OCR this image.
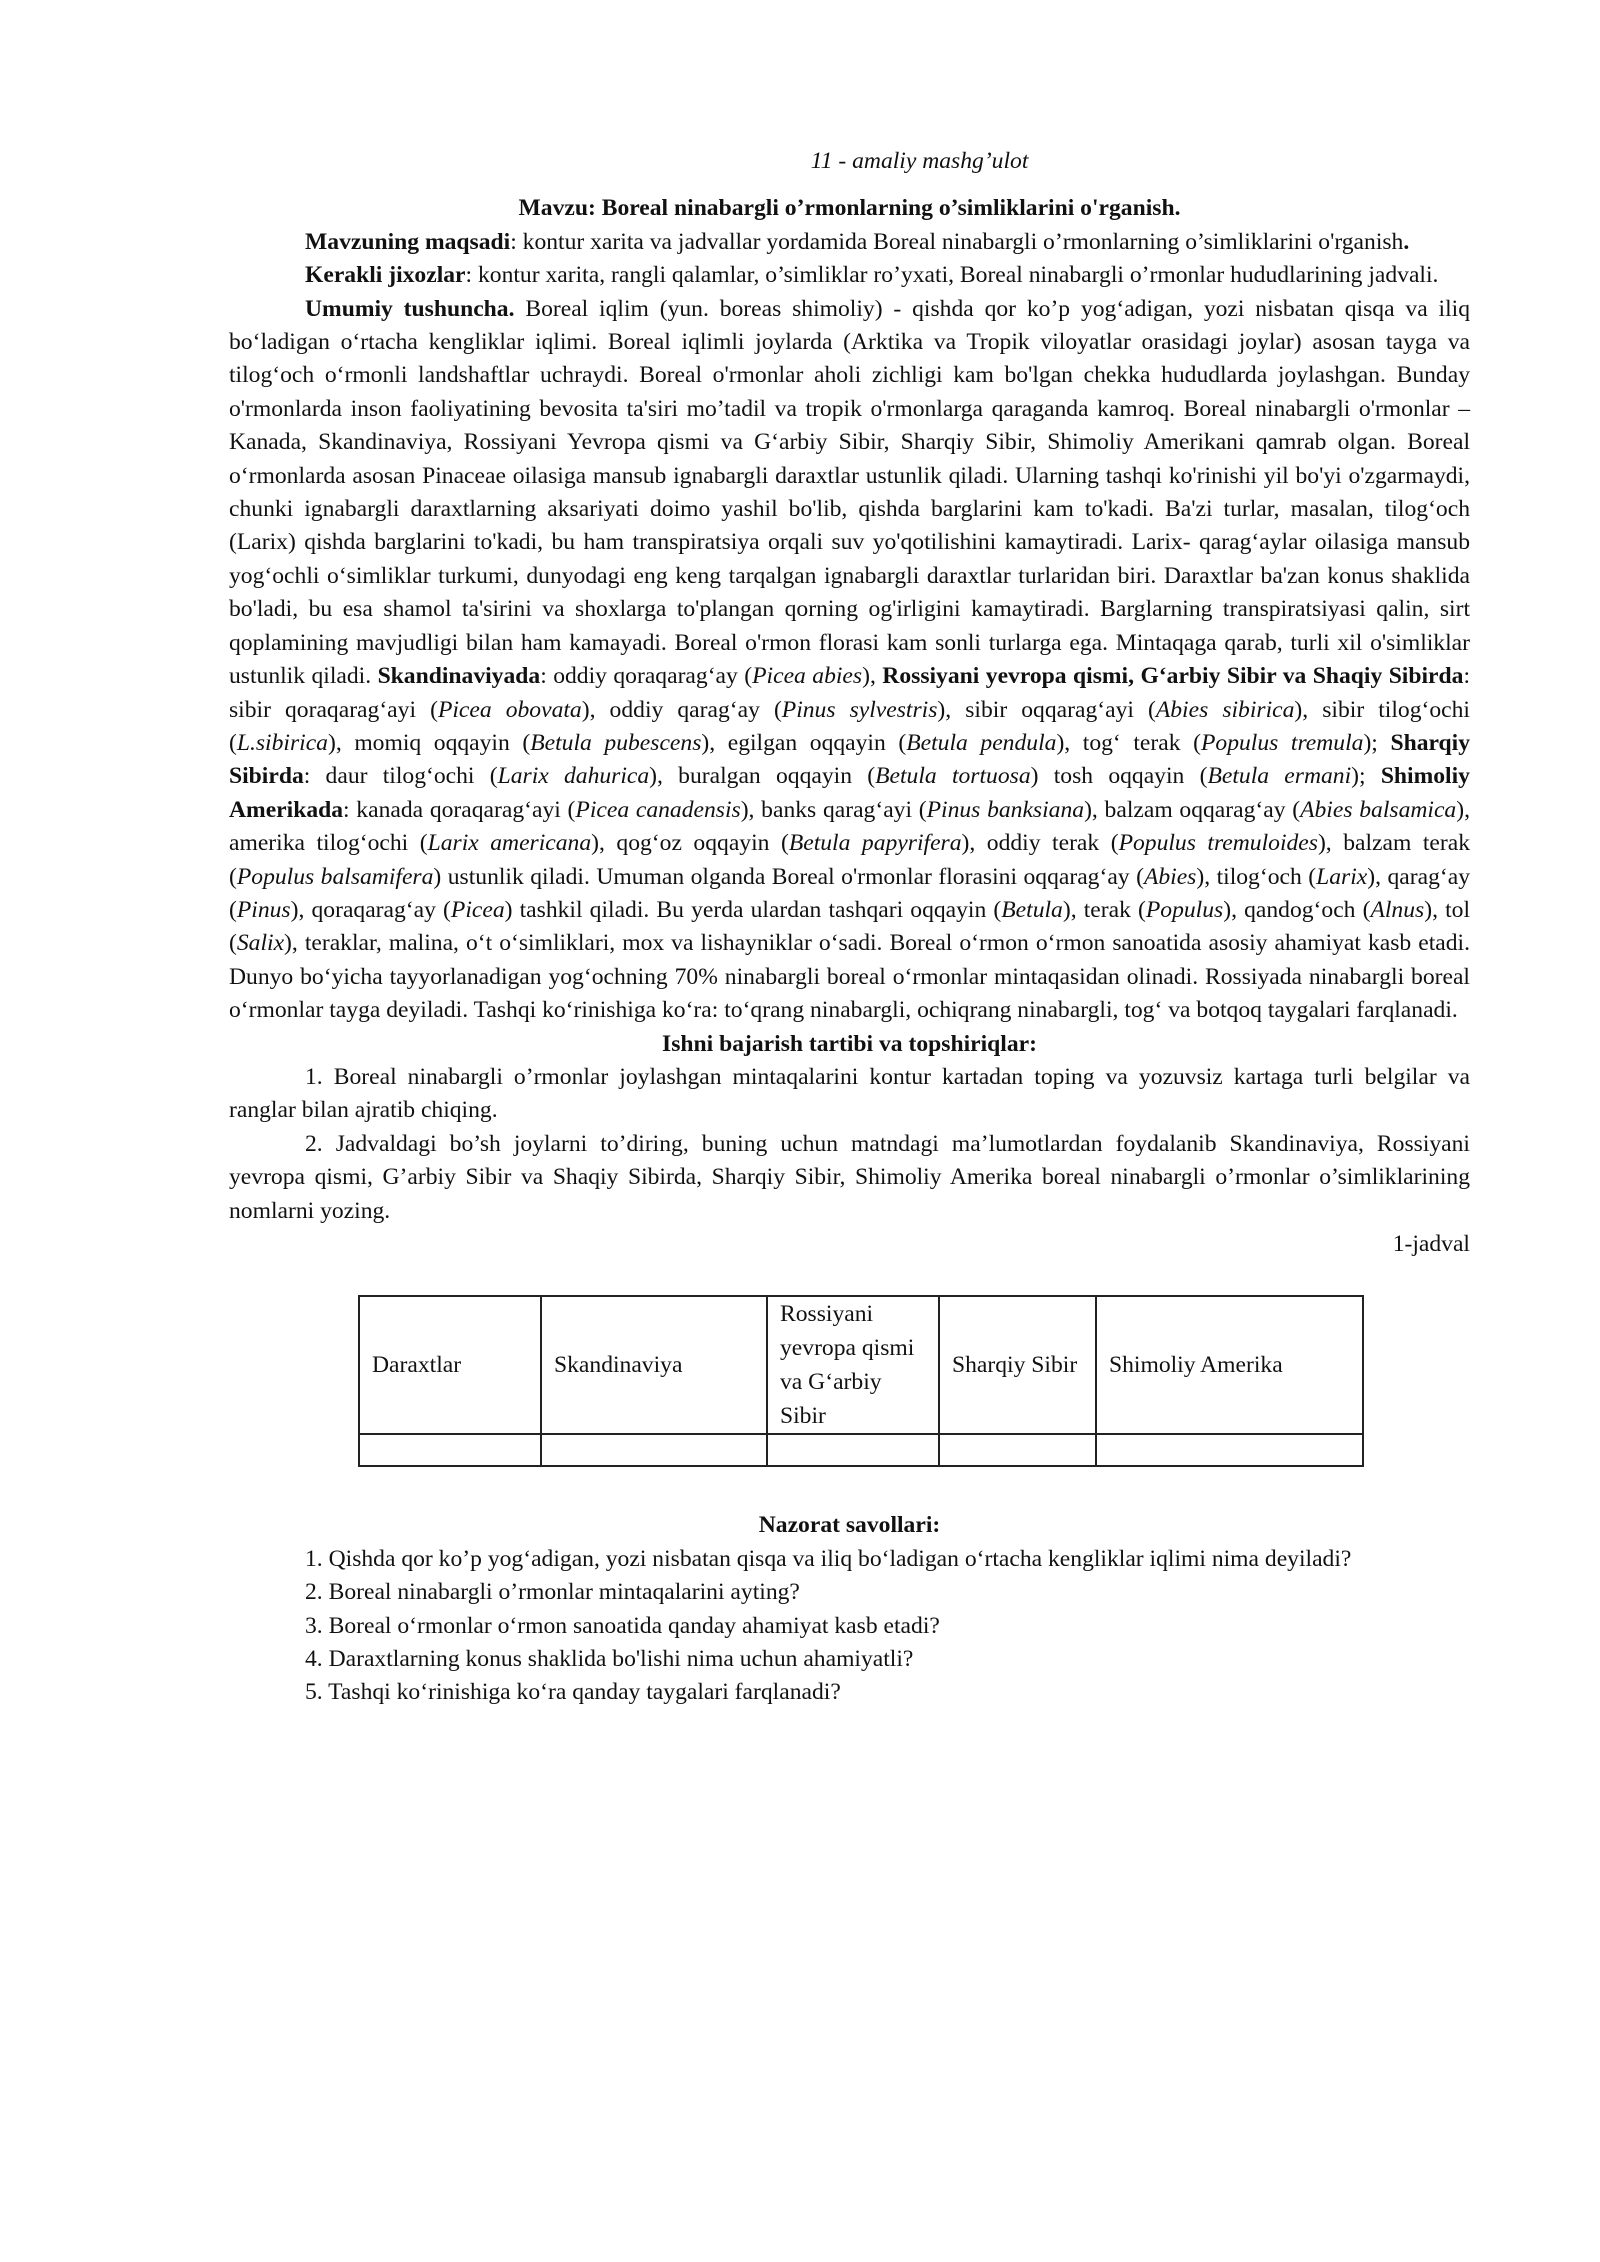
11 - amaliy mashg’ulot

Mavzu: Boreal ninabargli o’rmonlarning o’simliklarini o'rganish.

Mavzuning maqsadi: kontur xarita va jadvallar yordamida Boreal ninabargli o’rmonlarning o’simliklarini o'rganish.

Kerakli jixozlar: kontur xarita, rangli qalamlar, o’simliklar ro’yxati, Boreal ninabargli o’rmonlar hududlarining jadvali.

Umumiy tushuncha. Boreal iqlim (yun. boreas shimoliy) - qishda qor ko’p yog‘adigan, yozi nisbatan qisqa va iliq bo‘ladigan o‘rtacha kengliklar iqlimi. Boreal iqlimli joylarda (Arktika va Tropik viloyatlar orasidagi joylar) asosan tayga va tilog‘och o‘rmonli landshaftlar uchraydi. Boreal o'rmonlar aholi zichligi kam bo'lgan chekka hududlarda joylashgan. Bunday o'rmonlarda inson faoliyatining bevosita ta'siri mo’tadil va tropik o'rmonlarga qaraganda kamroq. Boreal ninabargli o'rmonlar – Kanada, Skandinaviya, Rossiyani Yevropa qismi va G‘arbiy Sibir, Sharqiy Sibir, Shimoliy Amerikani qamrab olgan. Boreal o‘rmonlarda asosan Pinaceae oilasiga mansub ignabargli daraxtlar ustunlik qiladi. Ularning tashqi ko'rinishi yil bo'yi o'zgarmaydi, chunki ignabargli daraxtlarning aksariyati doimo yashil bo'lib, qishda barglarini kam to'kadi. Ba'zi turlar, masalan, tilog‘och (Larix) qishda barglarini to'kadi, bu ham transpiratsiya orqali suv yo'qotilishini kamaytiradi. Larix- qarag‘aylar oilasiga mansub yog‘ochli o‘simliklar turkumi, dunyodagi eng keng tarqalgan ignabargli daraxtlar turlaridan biri. Daraxtlar ba'zan konus shaklida bo'ladi, bu esa shamol ta'sirini va shoxlarga to'plangan qorning og'irligini kamaytiradi. Barglarning transpiratsiyasi qalin, sirt qoplamining mavjudligi bilan ham kamayadi. Boreal o'rmon florasi kam sonli turlarga ega. Mintaqaga qarab, turli xil o'simliklar ustunlik qiladi. Skandinaviyada: oddiy qoraqarag‘ay (Picea abies), Rossiyani yevropa qismi, G‘arbiy Sibir va Shaqiy Sibirda: sibir qoraqarag‘ayi (Picea obovata), oddiy qarag‘ay (Pinus sylvestris), sibir oqqarag‘ayi (Abies sibirica), sibir tilog‘ochi (L.sibirica), momiq oqqayin (Betula pubescens), egilgan oqqayin (Betula pendula), tog‘ terak (Populus tremula); Sharqiy Sibirda: daur tilog‘ochi (Larix dahurica), buralgan oqqayin (Betula tortuosa) tosh oqqayin (Betula ermani); Shimoliy Amerikada: kanada qoraqarag‘ayi (Picea canadensis), banks qarag‘ayi (Pinus banksiana), balzam oqqarag‘ay (Abies balsamica), amerika tilog‘ochi (Larix americana), qog‘oz oqqayin (Betula papyrifera), oddiy terak (Populus tremuloides), balzam terak (Populus balsamifera) ustunlik qiladi. Umuman olganda Boreal o'rmonlar florasini oqqarag‘ay (Abies), tilog‘och (Larix), qarag‘ay (Pinus), qoraqarag‘ay (Picea) tashkil qiladi. Bu yerda ulardan tashqari oqqayin (Betula), terak (Populus), qandog‘och (Alnus), tol (Salix), teraklar, malina, o‘t o‘simliklari, mox va lishayniklar o‘sadi. Boreal o‘rmon o‘rmon sanoatida asosiy ahamiyat kasb etadi. Dunyo bo‘yicha tayyorlanadigan yog‘ochning 70% ninabargli boreal o‘rmonlar mintaqasidan olinadi. Rossiyada ninabargli boreal o‘rmonlar tayga deyiladi. Tashqi ko‘rinishiga ko‘ra: to‘qrang ninabargli, ochiqrang ninabargli, tog‘ va botqoq taygalari farqlanadi.

Ishni bajarish tartibi va topshiriqlar:

1. Boreal ninabargli o’rmonlar joylashgan mintaqalarini kontur kartadan toping va yozuvsiz kartaga turli belgilar va ranglar bilan ajratib chiqing.

2. Jadvaldagi bo’sh joylarni to’diring, buning uchun matndagi ma’lumotlardan foydalanib Skandinaviya, Rossiyani yevropa qismi, G’arbiy Sibir va Shaqiy Sibirda, Sharqiy Sibir, Shimoliy Amerika boreal ninabargli o’rmonlar o’simliklarining nomlarni yozing.

1-jadval

Daraxtlar	Skandinaviya	Rossiyani yevropa qismi va G‘arbiy Sibir	Sharqiy Sibir	Shimoliy Amerika

Nazorat savollari:

1. Qishda qor ko’p yog‘adigan, yozi nisbatan qisqa va iliq bo‘ladigan o‘rtacha kengliklar iqlimi nima deyiladi?

2. Boreal ninabargli o’rmonlar mintaqalarini ayting?

3. Boreal o‘rmonlar o‘rmon sanoatida qanday ahamiyat kasb etadi?

4. Daraxtlarning konus shaklida bo'lishi nima uchun ahamiyatli?

5. Tashqi ko‘rinishiga ko‘ra qanday taygalari farqlanadi?
